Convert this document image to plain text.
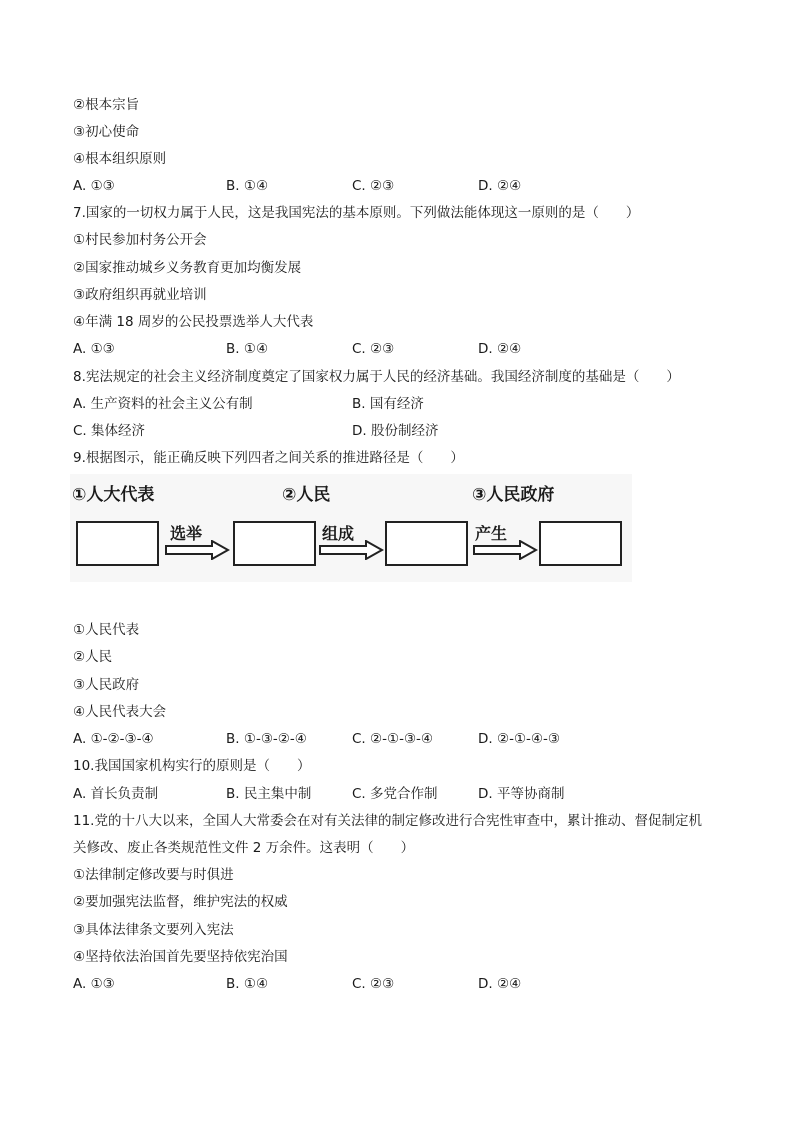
②根本宗旨
③初心使命
④根本组织原则
A. ①③	B. ①④	C. ②③	D. ②④
7.国家的一切权力属于人民，这是我国宪法的基本原则。下列做法能体现这一原则的是（　　）
①村民参加村务公开会
②国家推动城乡义务教育更加均衡发展
③政府组织再就业培训
④年满 18 周岁的公民投票选举人大代表
A. ①③	B. ①④	C. ②③	D. ②④
8.宪法规定的社会主义经济制度奠定了国家权力属于人民的经济基础。我国经济制度的基础是（　　）
A. 生产资料的社会主义公有制	B. 国有经济
C. 集体经济	D. 股份制经济
9.根据图示，能正确反映下列四者之间关系的推进路径是（　　）
①人大代表	②人民	③人民政府
选举	组成	产生
①人民代表
②人民
③人民政府
④人民代表大会
A. ①-②-③-④	B. ①-③-②-④	C. ②-①-③-④	D. ②-①-④-③
10.我国国家机构实行的原则是（　　）
A. 首长负责制	B. 民主集中制	C. 多党合作制	D. 平等协商制
11.党的十八大以来，全国人大常委会在对有关法律的制定修改进行合宪性审查中，累计推动、督促制定机
关修改、废止各类规范性文件 2 万余件。这表明（　　）
①法律制定修改要与时俱进
②要加强宪法监督，维护宪法的权威
③具体法律条文要列入宪法
④坚持依法治国首先要坚持依宪治国
A. ①③	B. ①④	C. ②③	D. ②④
